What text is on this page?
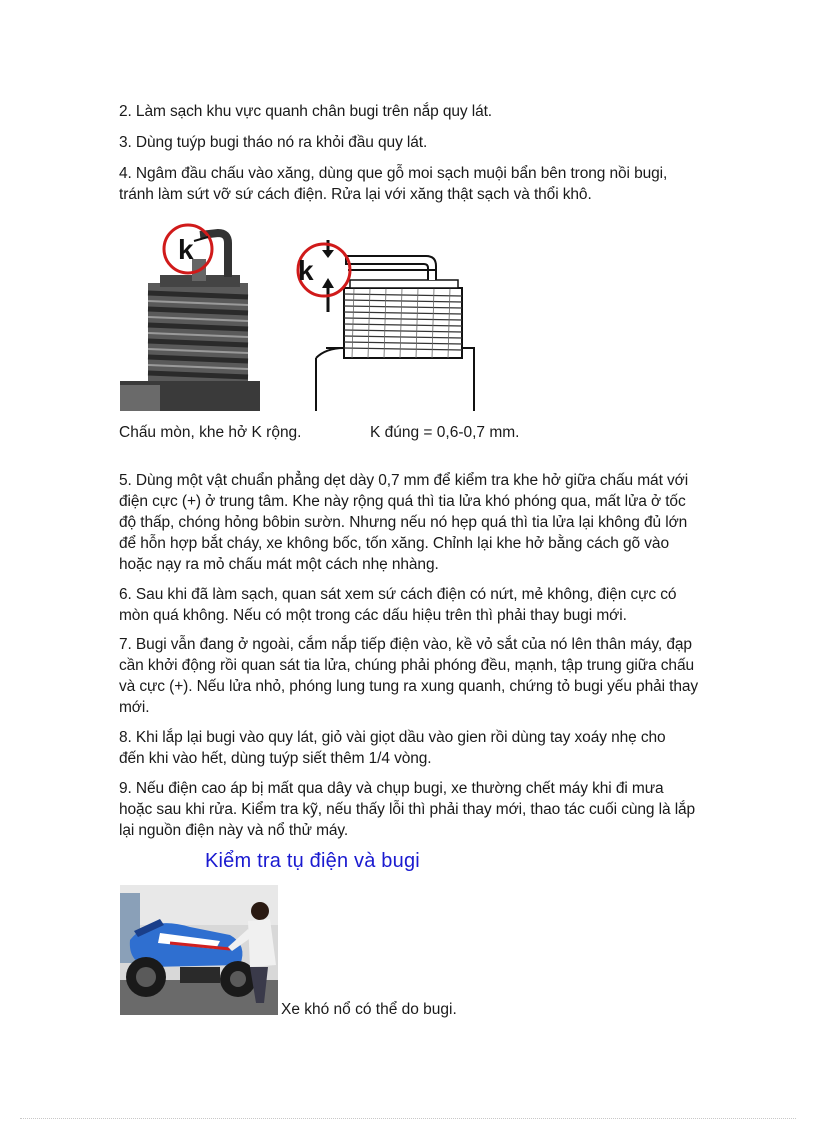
2. Làm sạch khu vực quanh chân bugi trên nắp quy lát.

3. Dùng tuýp bugi tháo nó ra khỏi đầu quy lát.

4. Ngâm đầu chấu vào xăng, dùng que gỗ moi sạch muội bẩn bên trong nồi bugi, tránh làm sứt vỡ sứ cách điện. Rửa lại với xăng thật sạch và thổi khô.

k
k
Chấu mòn, khe hở K rộng.	K đúng = 0,6-0,7 mm.

5. Dùng một vật chuẩn phẳng dẹt dày 0,7 mm để kiểm tra khe hở giữa chấu mát với điện cực (+) ở trung tâm. Khe này rộng quá thì tia lửa khó phóng qua, mất lửa ở tốc độ thấp, chóng hỏng bôbin sườn. Nhưng nếu nó hẹp quá thì tia lửa lại không đủ lớn để hỗn hợp bắt cháy, xe không bốc, tốn xăng. Chỉnh lại khe hở bằng cách gõ vào hoặc nạy ra mỏ chấu mát một cách nhẹ nhàng.

6. Sau khi đã làm sạch, quan sát xem sứ cách điện có nứt, mẻ không, điện cực có mòn quá không. Nếu có một trong các dấu hiệu trên thì phải thay bugi mới.

7. Bugi vẫn đang ở ngoài, cắm nắp tiếp điện vào, kề vỏ sắt của nó lên thân máy, đạp cần khởi động rồi quan sát tia lửa, chúng phải phóng đều, mạnh, tập trung giữa chấu và cực (+). Nếu lửa nhỏ, phóng lung tung ra xung quanh, chứng tỏ bugi yếu phải thay mới.

8. Khi lắp lại bugi vào quy lát, giỏ vài giọt dầu vào gien rồi dùng tay xoáy nhẹ cho đến khi vào hết, dùng tuýp siết thêm 1/4 vòng.

9. Nếu điện cao áp bị mất qua dây và chụp bugi, xe thường chết máy khi đi mưa hoặc sau khi rửa. Kiểm tra kỹ, nếu thấy lỗi thì phải thay mới, thao tác cuối cùng là lắp lại nguồn điện này và nổ thử máy.

Kiểm tra tụ điện và bugi
Xe khó nổ có thể do bugi.
